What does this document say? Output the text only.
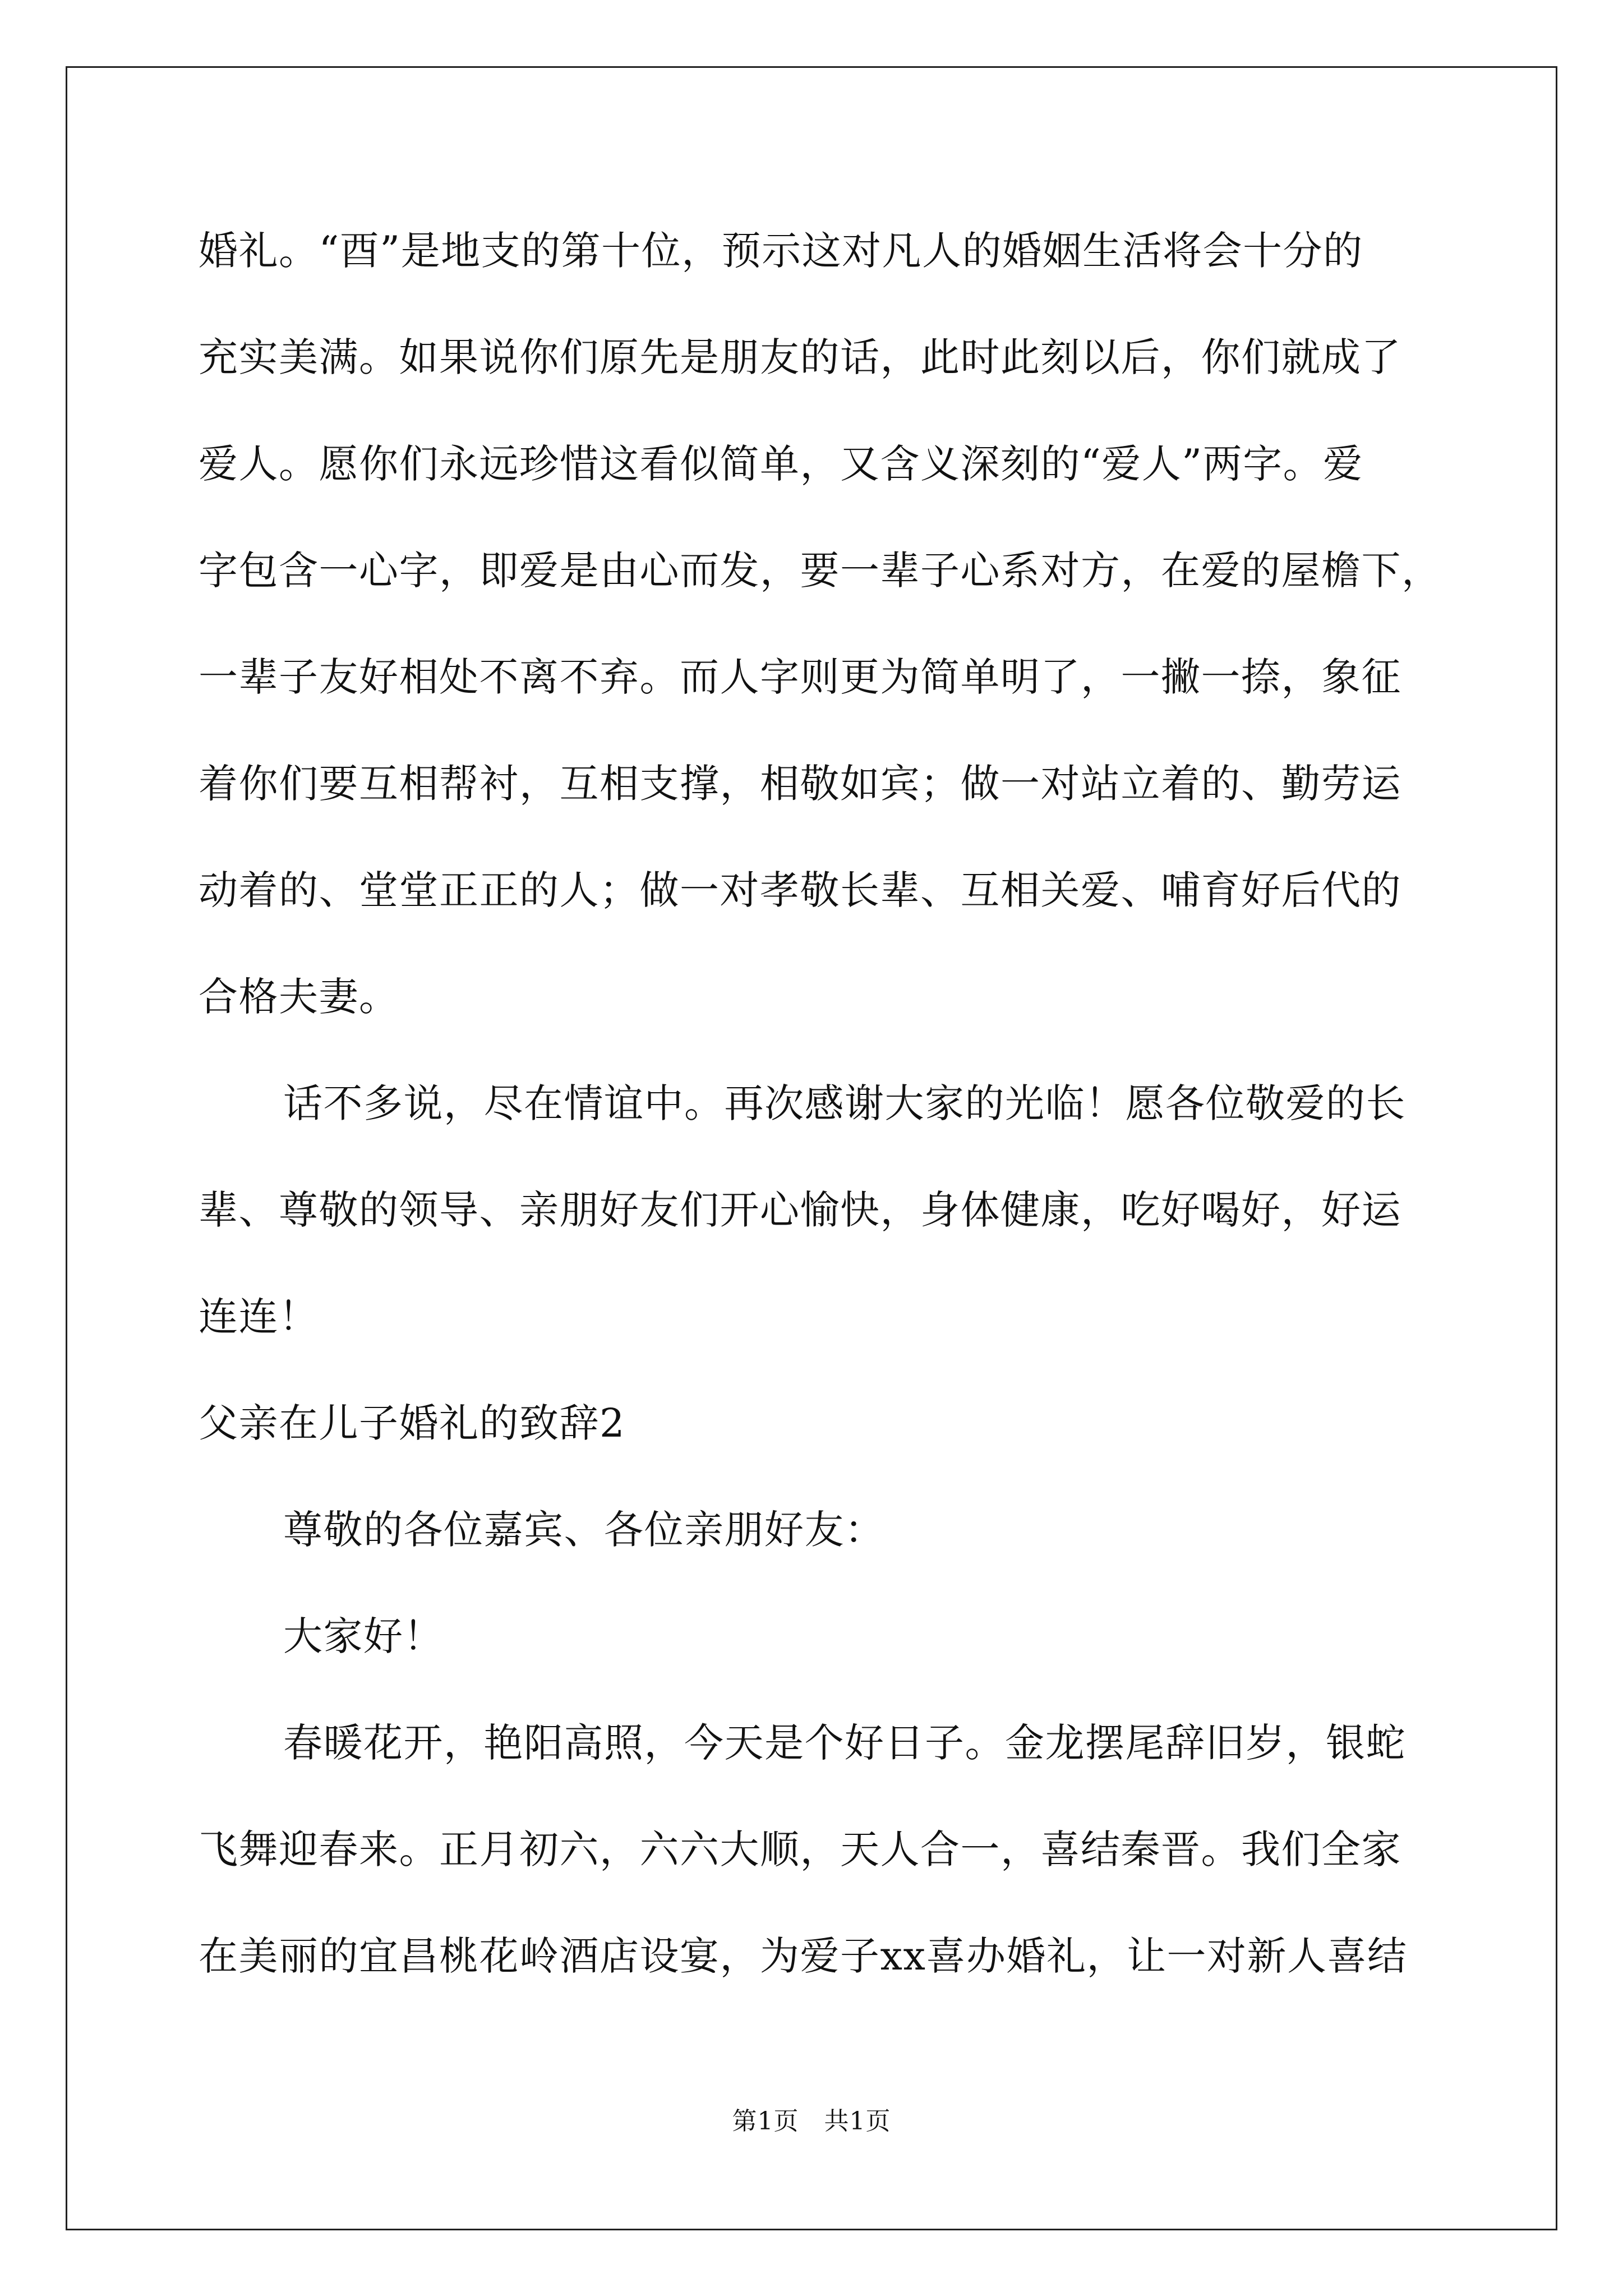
婚礼。“酉”是地支的第十位，预示这对凡人的婚姻生活将会十分的
充实美满。如果说你们原先是朋友的话，此时此刻以后，你们就成了
爱人。愿你们永远珍惜这看似简单，又含义深刻的“爱人”两字。爱
字包含一心字，即爱是由心而发，要一辈子心系对方，在爱的屋檐下，
一辈子友好相处不离不弃。而人字则更为简单明了，一撇一捺，象征
着你们要互相帮衬，互相支撑，相敬如宾；做一对站立着的、勤劳运
动着的、堂堂正正的人；做一对孝敬长辈、互相关爱、哺育好后代的
合格夫妻。
话不多说，尽在情谊中。再次感谢大家的光临！愿各位敬爱的长
辈、尊敬的领导、亲朋好友们开心愉快，身体健康，吃好喝好，好运
连连！
父亲在儿子婚礼的致辞2
尊敬的各位嘉宾、各位亲朋好友：
大家好！
春暖花开，艳阳高照，今天是个好日子。金龙摆尾辞旧岁，银蛇
飞舞迎春来。正月初六，六六大顺，天人合一，喜结秦晋。我们全家
在美丽的宜昌桃花岭酒店设宴，为爱子xx喜办婚礼，让一对新人喜结
第1页　共1页
